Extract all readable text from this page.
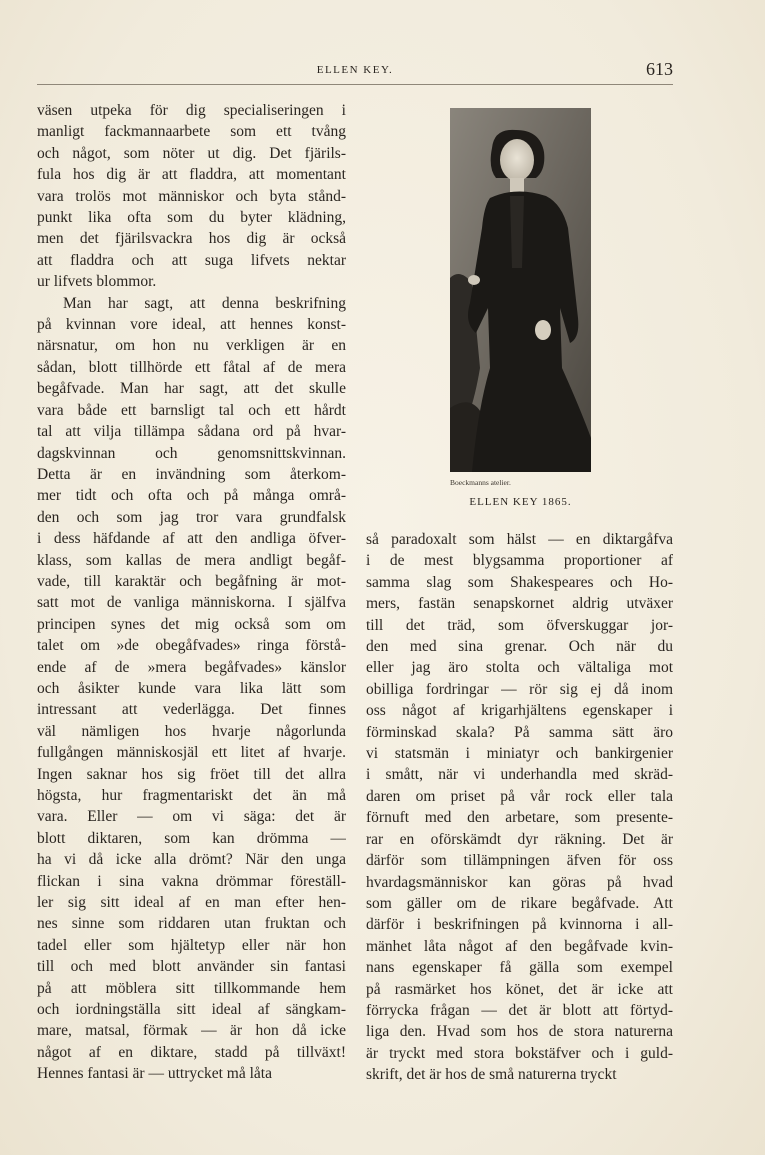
ELLEN KEY.	613
väsen utpeka för dig specialiseringen i
manligt fackmannaarbete som ett tvång
och något, som nöter ut dig. Det fjärils-
fula hos dig är att fladdra, att momentant
vara trolös mot människor och byta stånd-
punkt lika ofta som du byter klädning,
men det fjärilsvackra hos dig är också
att fladdra och att suga lifvets nektar
ur lifvets blommor.
Man har sagt, att denna beskrifning
på kvinnan vore ideal, att hennes konst-
närsnatur, om hon nu verkligen är en
sådan, blott tillhörde ett fåtal af de mera
begåfvade. Man har sagt, att det skulle
vara både ett barnsligt tal och ett hårdt
tal att vilja tillämpa sådana ord på hvar-
dagskvinnan och genomsnittskvinnan.
Detta är en invändning som återkom-
mer tidt och ofta och på många områ-
den och som jag tror vara grundfalsk
i dess häfdande af att den andliga öfver-
klass, som kallas de mera andligt begåf-
vade, till karaktär och begåfning är mot-
satt mot de vanliga människorna. I själfva
principen synes det mig också som om
talet om »de obegåfvades» ringa förstå-
ende af de »mera begåfvades» känslor
och åsikter kunde vara lika lätt som
intressant att vederlägga. Det finnes
väl nämligen hos hvarje någorlunda
fullgången människosjäl ett litet af hvarje.
Ingen saknar hos sig fröet till det allra
högsta, hur fragmentariskt det än må
vara. Eller — om vi säga: det är
blott diktaren, som kan drömma —
ha vi då icke alla drömt? När den unga
flickan i sina vakna drömmar föreställ-
ler sig sitt ideal af en man efter hen-
nes sinne som riddaren utan fruktan och
tadel eller som hjältetyp eller när hon
till och med blott använder sin fantasi
på att möblera sitt tillkommande hem
och iordningställa sitt ideal af sängkam-
mare, matsal, förmak — är hon då icke
något af en diktare, stadd på tillväxt!
Hennes fantasi är — uttrycket må låta
Boeckmanns atelier.
ELLEN KEY 1865.
så paradoxalt som hälst — en diktargåfva
i de mest blygsamma proportioner af
samma slag som Shakespeares och Ho-
mers, fastän senapskornet aldrig utväxer
till det träd, som öfverskuggar jor-
den med sina grenar. Och när du
eller jag äro stolta och vältaliga mot
obilliga fordringar — rör sig ej då inom
oss något af krigarhjältens egenskaper i
förminskad skala? På samma sätt äro
vi statsmän i miniatyr och bankirgenier
i smått, när vi underhandla med skräd-
daren om priset på vår rock eller tala
förnuft med den arbetare, som presente-
rar en oförskämdt dyr räkning. Det är
därför som tillämpningen äfven för oss
hvardagsmänniskor kan göras på hvad
som gäller om de rikare begåfvade. Att
därför i beskrifningen på kvinnorna i all-
mänhet låta något af den begåfvade kvin-
nans egenskaper få gälla som exempel
på rasmärket hos könet, det är icke att
förrycka frågan — det är blott att förtyd-
liga den. Hvad som hos de stora naturerna
är tryckt med stora bokstäfver och i guld-
skrift, det är hos de små naturerna tryckt
